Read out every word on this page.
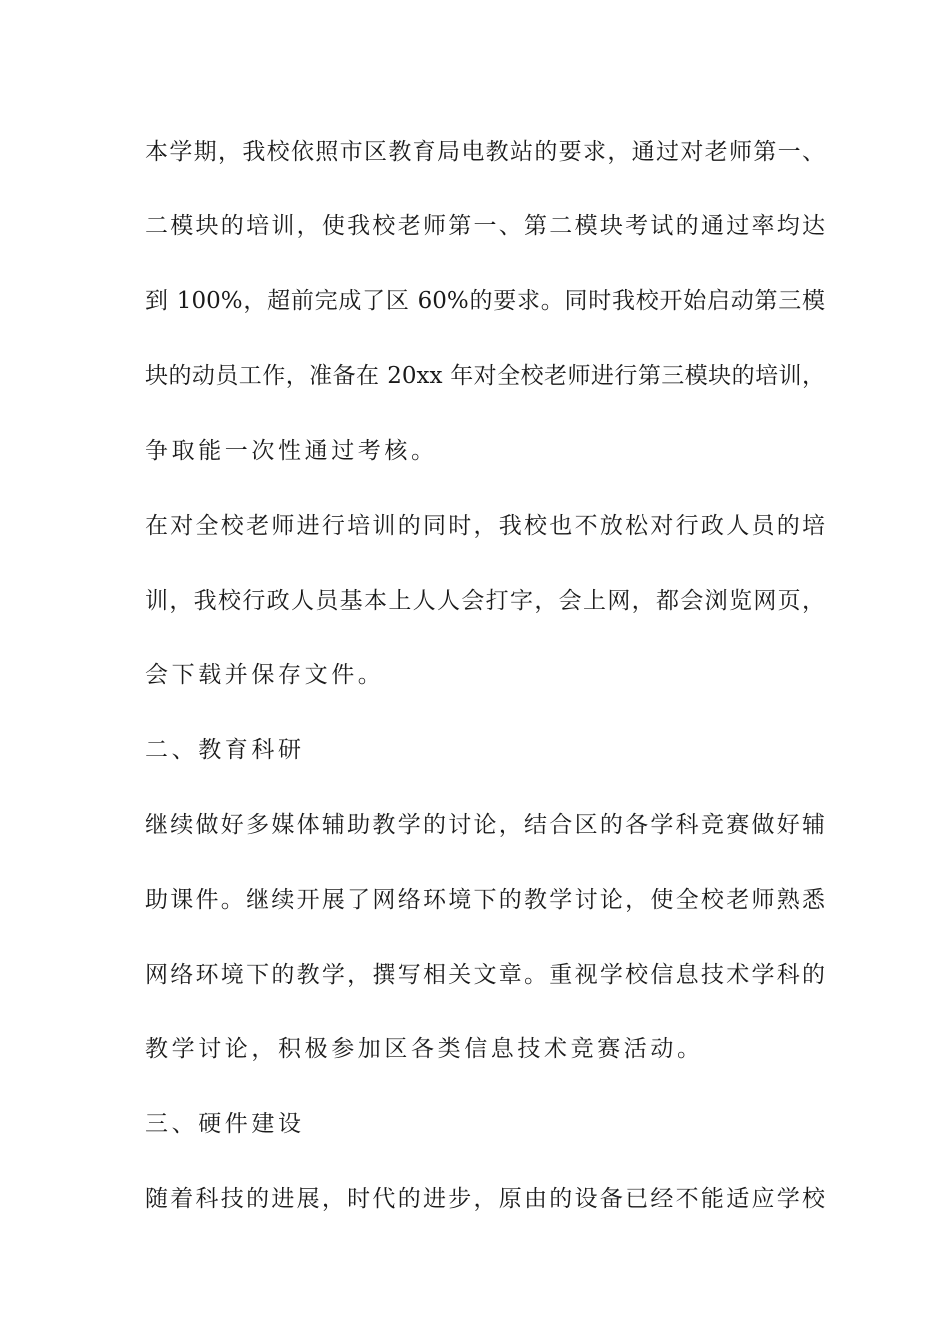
本学期，我校依照市区教育局电教站的要求，通过对老师第一、
二模块的培训，使我校老师第一、第二模块考试的通过率均达
到 100%，超前完成了区 60%的要求。同时我校开始启动第三模
块的动员工作，准备在 20xx 年对全校老师进行第三模块的培训，
争取能一次性通过考核。
在对全校老师进行培训的同时，我校也不放松对行政人员的培
训，我校行政人员基本上人人会打字，会上网，都会浏览网页，
会下载并保存文件。
二、教育科研
继续做好多媒体辅助教学的讨论，结合区的各学科竞赛做好辅
助课件。继续开展了网络环境下的教学讨论，使全校老师熟悉
网络环境下的教学，撰写相关文章。重视学校信息技术学科的
教学讨论，积极参加区各类信息技术竞赛活动。
三、硬件建设
随着科技的进展，时代的进步，原由的设备已经不能适应学校
